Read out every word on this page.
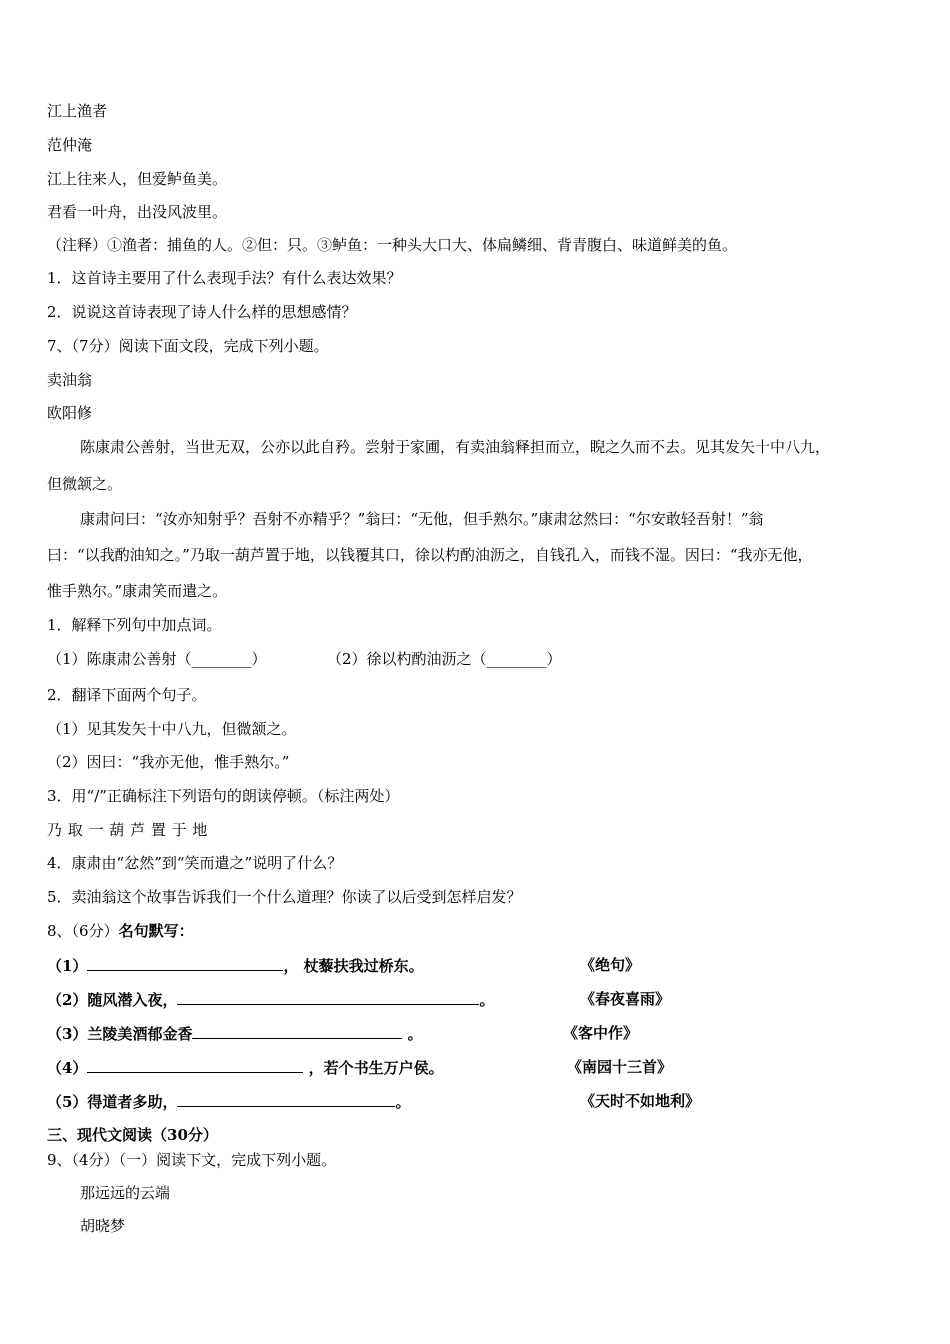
江上渔者
范仲淹
江上往来人，但爱鲈鱼美。
君看一叶舟，出没风波里。
（注释）①渔者：捕鱼的人。②但：只。③鲈鱼：一种头大口大、体扁鳞细、背青腹白、味道鲜美的鱼。
1．这首诗主要用了什么表现手法？有什么表达效果？
2．说说这首诗表现了诗人什么样的思想感情？
7、（7分）阅读下面文段，完成下列小题。
卖油翁
欧阳修
陈康肃公善射，当世无双，公亦以此自矜。尝射于家圃，有卖油翁释担而立，睨之久而不去。见其发矢十中八九，
但微颔之。
康肃问曰：“汝亦知射乎？吾射不亦精乎？”翁曰：“无他，但手熟尔。”康肃忿然曰：“尔安敢轻吾射！”翁
曰：“以我酌油知之。”乃取一葫芦置于地，以钱覆其口，徐以杓酌油沥之，自钱孔入，而钱不湿。因曰：“我亦无他，
惟手熟尔。”康肃笑而遣之。
1．解释下列句中加点词。
（1）陈康肃公善射（________）	（2）徐以杓酌油沥之（________）
2．翻译下面两个句子。
（1）见其发矢十中八九，但微颔之。
（2）因曰：“我亦无他，惟手熟尔。”
3．用“/”正确标注下列语句的朗读停顿。（标注两处）
乃 取 一 葫 芦 置 于 地
4．康肃由“忿然”到“笑而遣之”说明了什么？
5．卖油翁这个故事告诉我们一个什么道理？你读了以后受到怎样启发？
8、（6分）名句默写：
（1）	， 杖藜扶我过桥东。	《绝句》
（2）随风潜入夜，	。	《春夜喜雨》
（3）兰陵美酒郁金香	。	《客中作》
（4）	，若个书生万户侯。	《南园十三首》
（5）得道者多助，	。	《天时不如地利》
三、现代文阅读（30分）
9、（4分）（一）阅读下文，完成下列小题。
那远远的云端
胡晓梦
